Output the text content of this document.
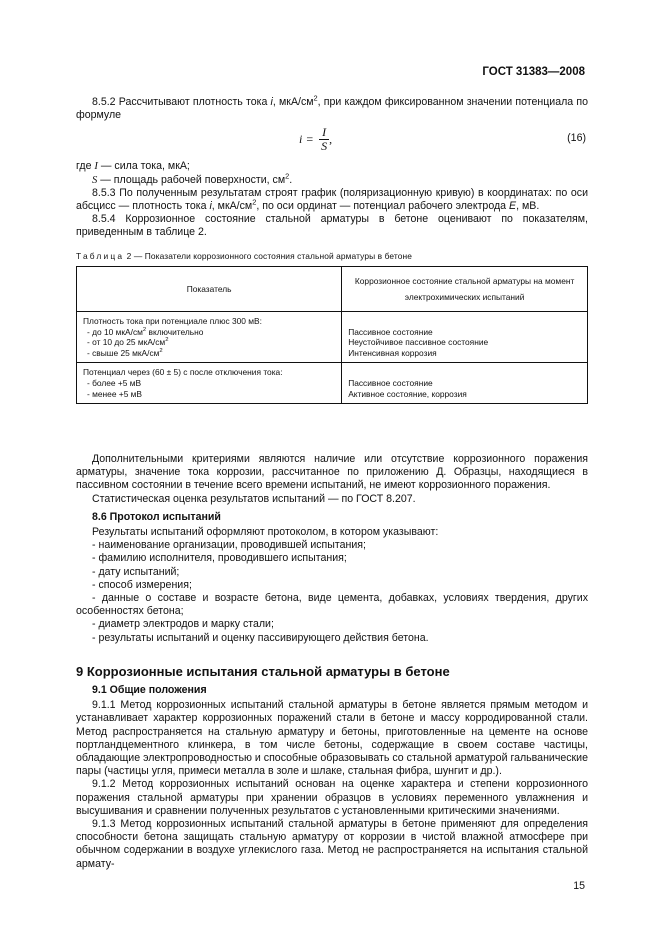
ГОСТ 31383—2008

8.5.2 Рассчитывают плотность тока i, мкА/$см^2$, при каждом фиксированном значении потенциала по формуле

$i = \frac{I}{S}$ ,	(16)

где I — сила тока, мкА;

S — площадь рабочей поверхности, $см^2$.

8.5.3 По полученным результатам строят график (поляризационную кривую) в координатах: по оси абсцисс — плотность тока i, мкА/$см^2$, по оси ординат — потенциал рабочего электрода E, мВ.

8.5.4 Коррозионное состояние стальной арматуры в бетоне оценивают по показателям, приведенным в таблице 2.

Таблица 2 — Показатели коррозионного состояния стальной арматуры в бетоне
Показатель	Коррозионное состояние стальной арматуры на момент
электрохимических испытаний

Плотность тока при потенциале плюс 300 мВ:
- до 10 мкА/$см^2$ включительно
- от 10 до 25 мкА/$см^2$
- свыше 25 мкА/$см^2$	Пассивное состояние
Неустойчивое пассивное состояние
Интенсивная коррозия

Потенциал через (60 ± 5) с после отключения тока:
- более +5 мВ
- менее +5 мВ	Пассивное состояние
Активное состояние, коррозия

Дополнительными критериями являются наличие или отсутствие коррозионного поражения арматуры, значение тока коррозии, рассчитанное по приложению Д. Образцы, находящиеся в пассивном состоянии в течение всего времени испытаний, не имеют коррозионного поражения.

Статистическая оценка результатов испытаний — по ГОСТ 8.207.

8.6 Протокол испытаний

Результаты испытаний оформляют протоколом, в котором указывают:

- наименование организации, проводившей испытания;

- фамилию исполнителя, проводившего испытания;

- дату испытаний;

- способ измерения;

- данные о составе и возрасте бетона, виде цемента, добавках, условиях твердения, других особенностях бетона;

- диаметр электродов и марку стали;

- результаты испытаний и оценку пассивирующего действия бетона.

9 Коррозионные испытания стальной арматуры в бетоне

9.1 Общие положения

9.1.1 Метод коррозионных испытаний стальной арматуры в бетоне является прямым методом и устанавливает характер коррозионных поражений стали в бетоне и массу корродированной стали. Метод распространяется на стальную арматуру и бетоны, приготовленные на цементе на основе портландцементного клинкера, в том числе бетоны, содержащие в своем составе частицы, обладающие электропроводностью и способные образовывать со стальной арматурой гальванические пары (частицы угля, примеси металла в золе и шлаке, стальная фибра, шунгит и др.).

9.1.2 Метод коррозионных испытаний основан на оценке характера и степени коррозионного поражения стальной арматуры при хранении образцов в условиях переменного увлажнения и высушивания и сравнении полученных результатов с установленными критическими значениями.

9.1.3 Метод коррозионных испытаний стальной арматуры в бетоне применяют для определения способности бетона защищать стальную арматуру от коррозии в чистой влажной атмосфере при обычном содержании в воздухе углекислого газа. Метод не распространяется на испытания стальной армату-

15
